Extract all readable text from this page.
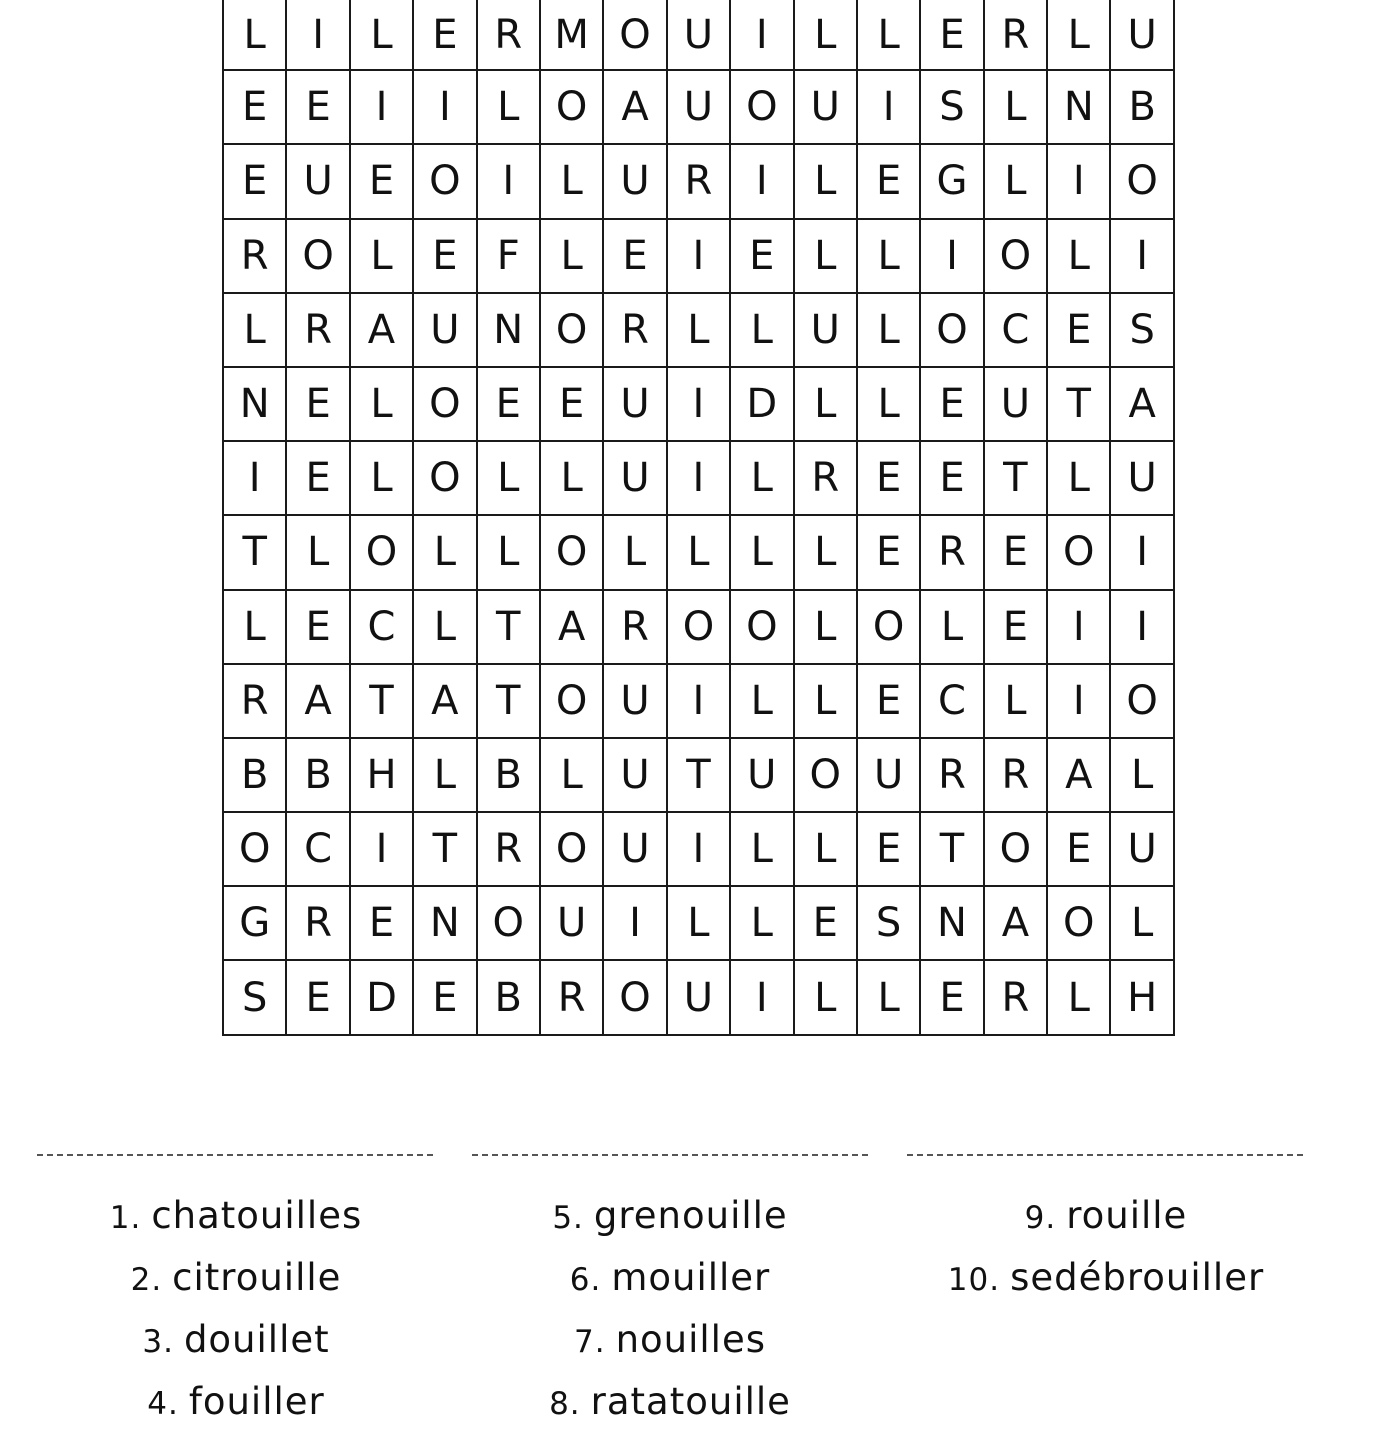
L	I	L	E	R	M	O	U	I	L	L	E	R	L	U
E	E	I	I	L	O	A	U	O	U	I	S	L	N	B
E	U	E	O	I	L	U	R	I	L	E	G	L	I	O
R	O	L	E	F	L	E	I	E	L	L	I	O	L	I
L	R	A	U	N	O	R	L	L	U	L	O	C	E	S
N	E	L	O	E	E	U	I	D	L	L	E	U	T	A
I	E	L	O	L	L	U	I	L	R	E	E	T	L	U
T	L	O	L	L	O	L	L	L	L	E	R	E	O	I
L	E	C	L	T	A	R	O	O	L	O	L	E	I	I
R	A	T	A	T	O	U	I	L	L	E	C	L	I	O
B	B	H	L	B	L	U	T	U	O	U	R	R	A	L
O	C	I	T	R	O	U	I	L	L	E	T	O	E	U
G	R	E	N	O	U	I	L	L	E	S	N	A	O	L
S	E	D	E	B	R	O	U	I	L	L	E	R	L	H
1. chatouilles
2. citrouille
3. douillet
4. fouiller
5. grenouille
6. mouiller
7. nouilles
8. ratatouille
9. rouille
10. sedébrouiller
